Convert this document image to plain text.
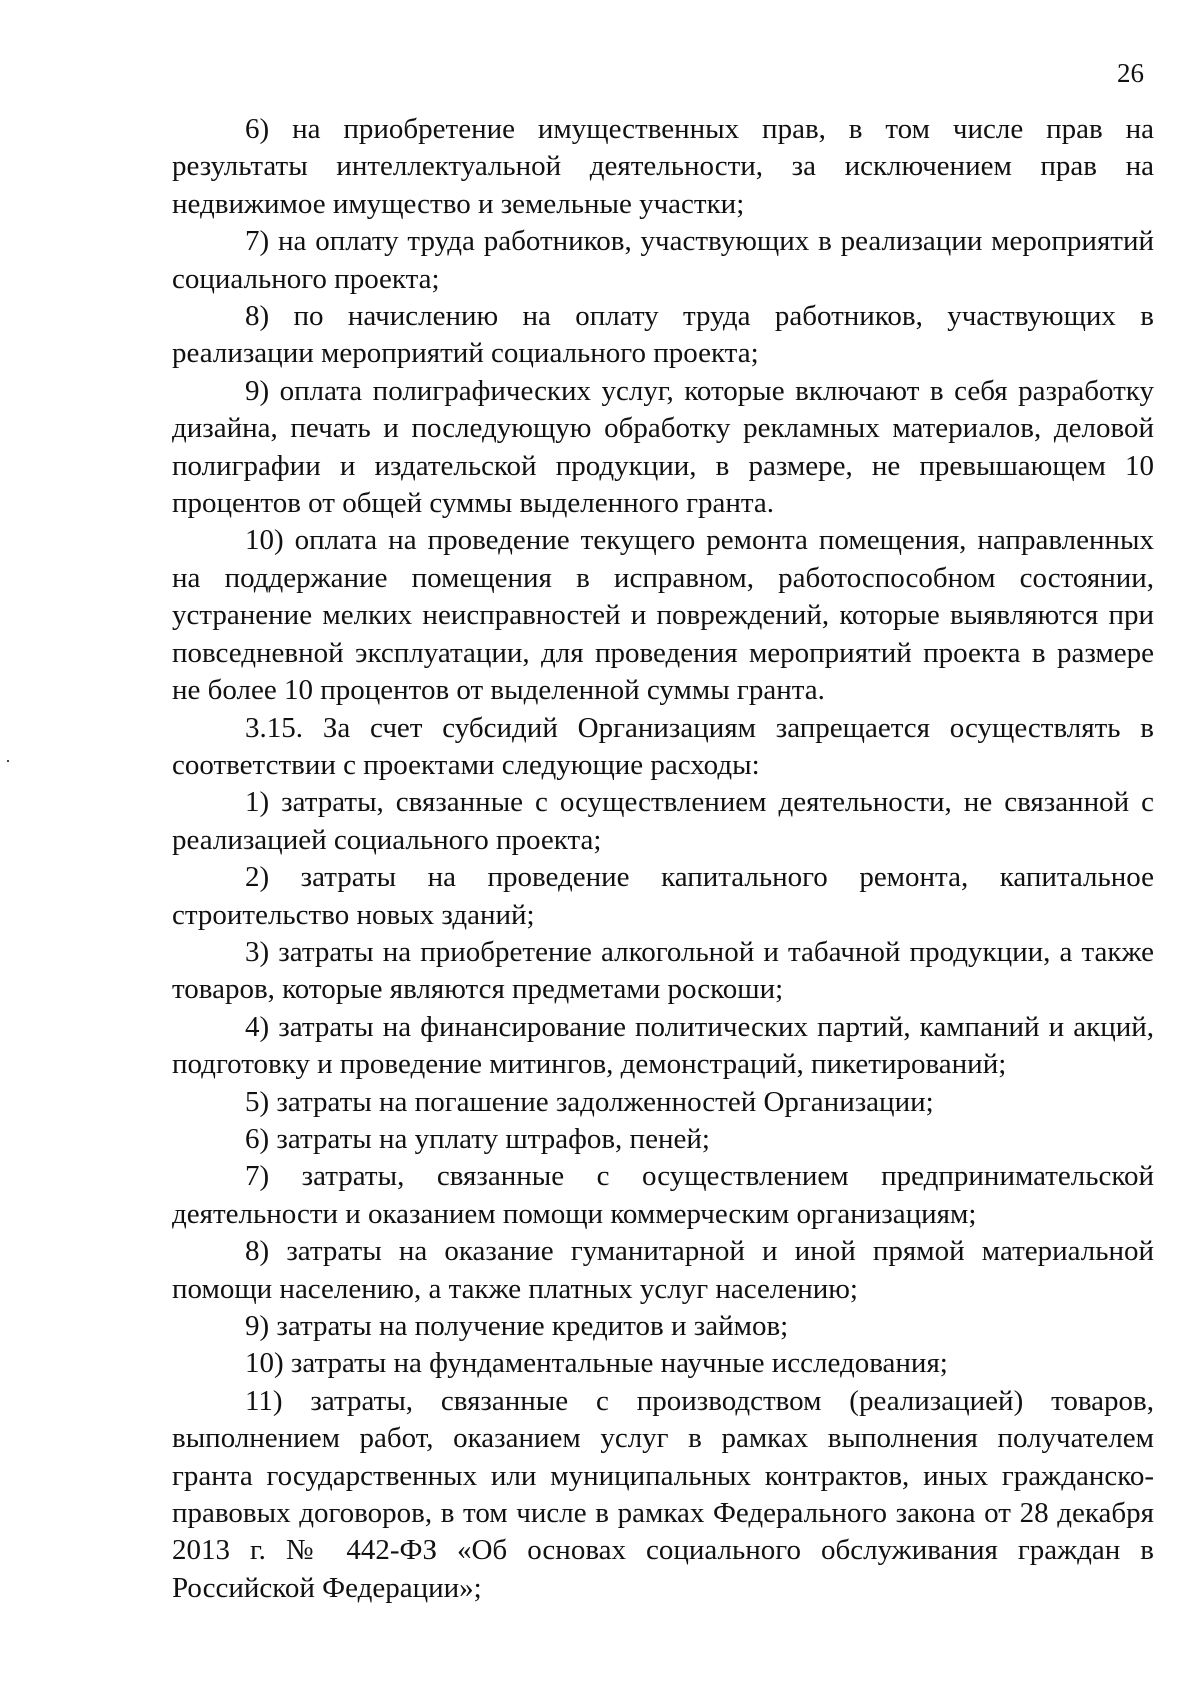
26

6) на приобретение имущественных прав, в том числе прав на результаты интеллектуальной деятельности, за исключением прав на недвижимое имущество и земельные участки;

7) на оплату труда работников, участвующих в реализации мероприятий социального проекта;

8) по начислению на оплату труда работников, участвующих в реализации мероприятий социального проекта;

9) оплата полиграфических услуг, которые включают в себя разработку дизайна, печать и последующую обработку рекламных материалов, деловой полиграфии и издательской продукции, в размере, не превышающем 10 процентов от общей суммы выделенного гранта.

10) оплата на проведение текущего ремонта помещения, направленных на поддержание помещения в исправном, работоспособном состоянии, устранение мелких неисправностей и повреждений, которые выявляются при повседневной эксплуатации, для проведения мероприятий проекта в размере не более 10 процентов от выделенной суммы гранта.

3.15. За счет субсидий Организациям запрещается осуществлять в соответствии с проектами следующие расходы:

1) затраты, связанные с осуществлением деятельности, не связанной с реализацией социального проекта;

2) затраты на проведение капитального ремонта, капитальное строительство новых зданий;

3) затраты на приобретение алкогольной и табачной продукции, а также товаров, которые являются предметами роскоши;

4) затраты на финансирование политических партий, кампаний и акций, подготовку и проведение митингов, демонстраций, пикетирований;

5) затраты на погашение задолженностей Организации;

6) затраты на уплату штрафов, пеней;

7) затраты, связанные с осуществлением предпринимательской деятельности и оказанием помощи коммерческим организациям;

8) затраты на оказание гуманитарной и иной прямой материальной помощи населению, а также платных услуг населению;

9) затраты на получение кредитов и займов;

10) затраты на фундаментальные научные исследования;

11) затраты, связанные с производством (реализацией) товаров, выполнением работ, оказанием услуг в рамках выполнения получателем гранта государственных или муниципальных контрактов, иных гражданско-правовых договоров, в том числе в рамках Федерального закона от 28 декабря 2013 г. № 442-ФЗ «Об основах социального обслуживания граждан в Российской Федерации»;
